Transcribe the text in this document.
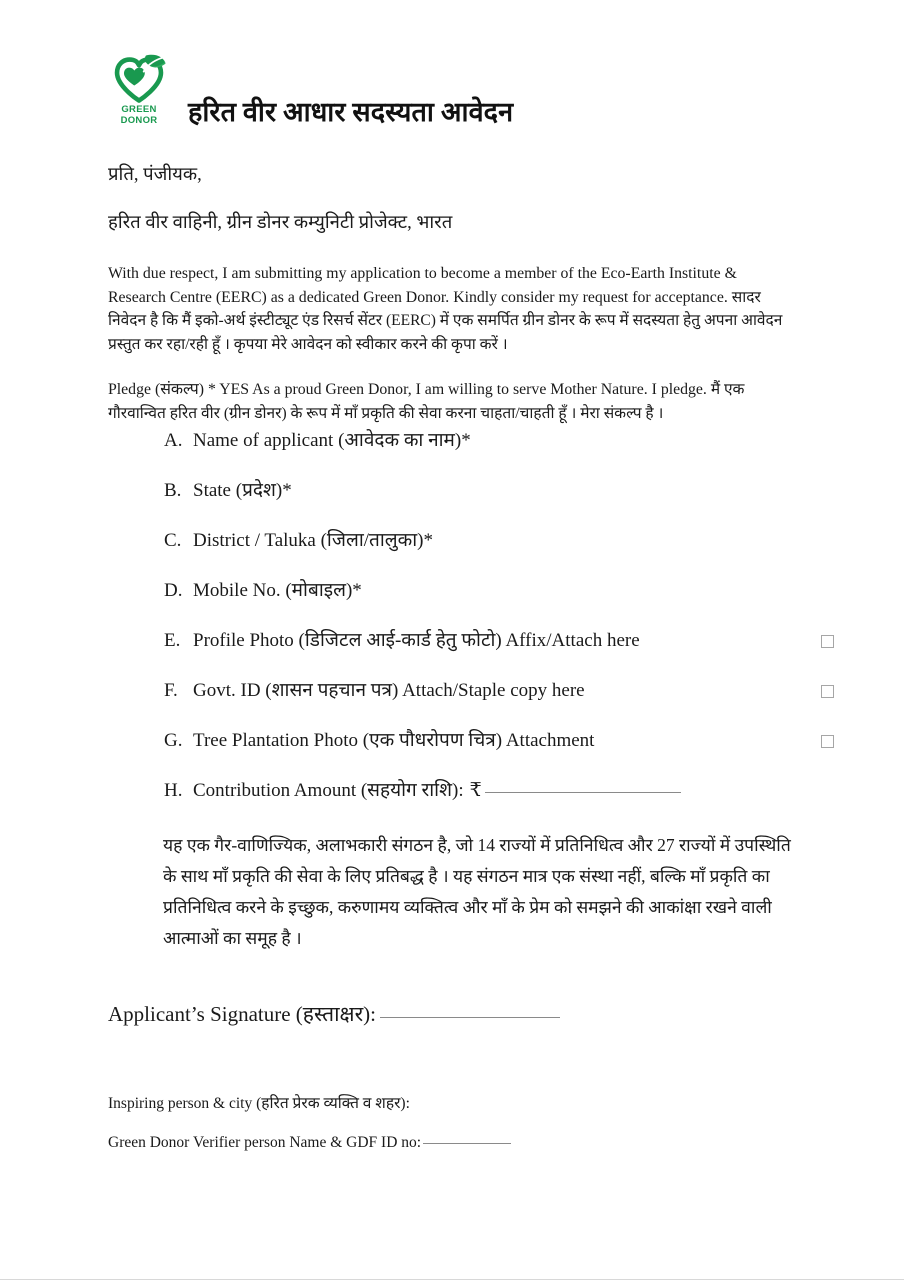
GREEN
DONOR हरित वीर आधार सदस्यता आवेदन

प्रति, पंजीयक,

हरित वीर वाहिनी, ग्रीन डोनर कम्युनिटी प्रोजेक्ट, भारत

With due respect, I am submitting my application to become a member of the Eco-Earth Institute & Research Centre (EERC) as a dedicated Green Donor. Kindly consider my request for acceptance. सादर निवेदन है कि मैं इको-अर्थ इंस्टीट्यूट एंड रिसर्च सेंटर (EERC) में एक समर्पित ग्रीन डोनर के रूप में सदस्यता हेतु अपना आवेदन प्रस्तुत कर रहा/रही हूँ । कृपया मेरे आवेदन को स्वीकार करने की कृपा करें ।

Pledge (संकल्प) * YES As a proud Green Donor, I am willing to serve Mother Nature. I pledge. मैं एक गौरवान्वित हरित वीर (ग्रीन डोनर) के रूप में माँ प्रकृति की सेवा करना चाहता/चाहती हूँ । मेरा संकल्प है ।

A. Name of applicant (आवेदक का नाम)*
B. State (प्रदेश)*
C. District / Taluka (जिला/तालुका)*
D. Mobile No. (मोबाइल)*
E. Profile Photo (डिजिटल आई-कार्ड हेतु फोटो) Affix/Attach here
F. Govt. ID (शासन पहचान पत्र) Attach/Staple copy here
G. Tree Plantation Photo (एक पौधरोपण चित्र) Attachment
H. Contribution Amount (सहयोग राशि): ₹

यह एक गैर-वाणिज्यिक, अलाभकारी संगठन है, जो 14 राज्यों में प्रतिनिधित्व और 27 राज्यों में उपस्थिति के साथ माँ प्रकृति की सेवा के लिए प्रतिबद्ध है । यह संगठन मात्र एक संस्था नहीं, बल्कि माँ प्रकृति का प्रतिनिधित्व करने के इच्छुक, करुणामय व्यक्तित्व और माँ के प्रेम को समझने की आकांक्षा रखने वाली आत्माओं का समूह है ।

Applicant’s Signature (हस्ताक्षर):
Inspiring person & city (हरित प्रेरक व्यक्ति व शहर):
Green Donor Verifier person Name & GDF ID no:
